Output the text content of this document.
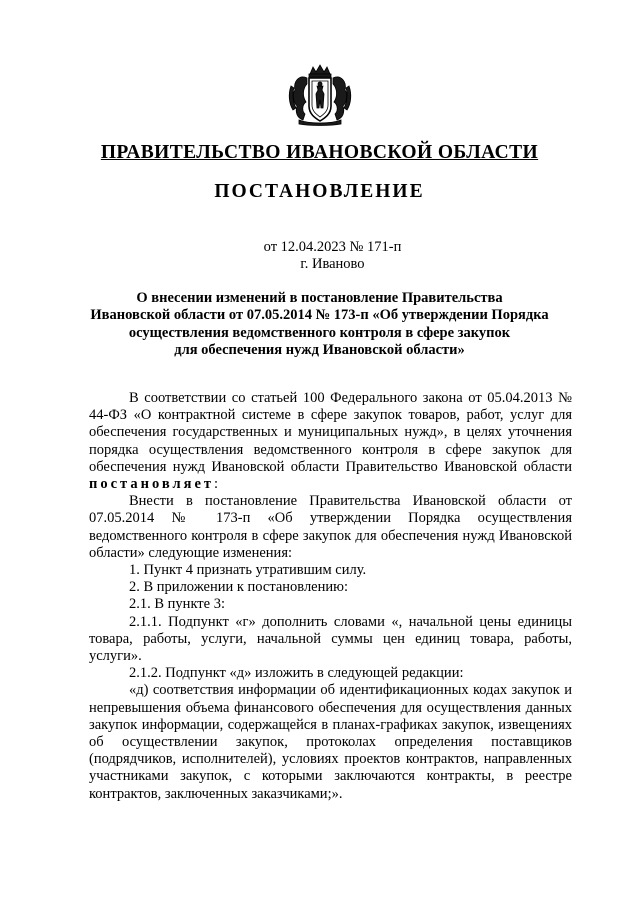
ПРАВИТЕЛЬСТВО ИВАНОВСКОЙ ОБЛАСТИ
ПОСТАНОВЛЕНИЕ
от 12.04.2023 № 171-п
г. Иваново
О внесении изменений в постановление Правительства
Ивановской области от 07.05.2014 № 173-п «Об утверждении Порядка
осуществления ведомственного контроля в сфере закупок
для обеспечения нужд Ивановской области»

В соответствии со статьей 100 Федерального закона от 05.04.2013 № 44-ФЗ «О контрактной системе в сфере закупок товаров, работ, услуг для обеспечения государственных и муниципальных нужд», в целях уточнения порядка осуществления ведомственного контроля в сфере закупок для обеспечения нужд Ивановской области Правительство Ивановской области постановляет:

Внести в постановление Правительства Ивановской области от 07.05.2014 № 173-п «Об утверждении Порядка осуществления ведомственного контроля в сфере закупок для обеспечения нужд Ивановской области» следующие изменения:

1. Пункт 4 признать утратившим силу.

2. В приложении к постановлению:

2.1. В пункте 3:

2.1.1. Подпункт «г» дополнить словами «, начальной цены единицы товара, работы, услуги, начальной суммы цен единиц товара, работы, услуги».

2.1.2. Подпункт «д» изложить в следующей редакции:

«д) соответствия информации об идентификационных кодах закупок и непревышения объема финансового обеспечения для осуществления данных закупок информации, содержащейся в планах-графиках закупок, извещениях об осуществлении закупок, протоколах определения поставщиков (подрядчиков, исполнителей), условиях проектов контрактов, направленных участниками закупок, с которыми заключаются контракты, в реестре контрактов, заключенных заказчиками;».
